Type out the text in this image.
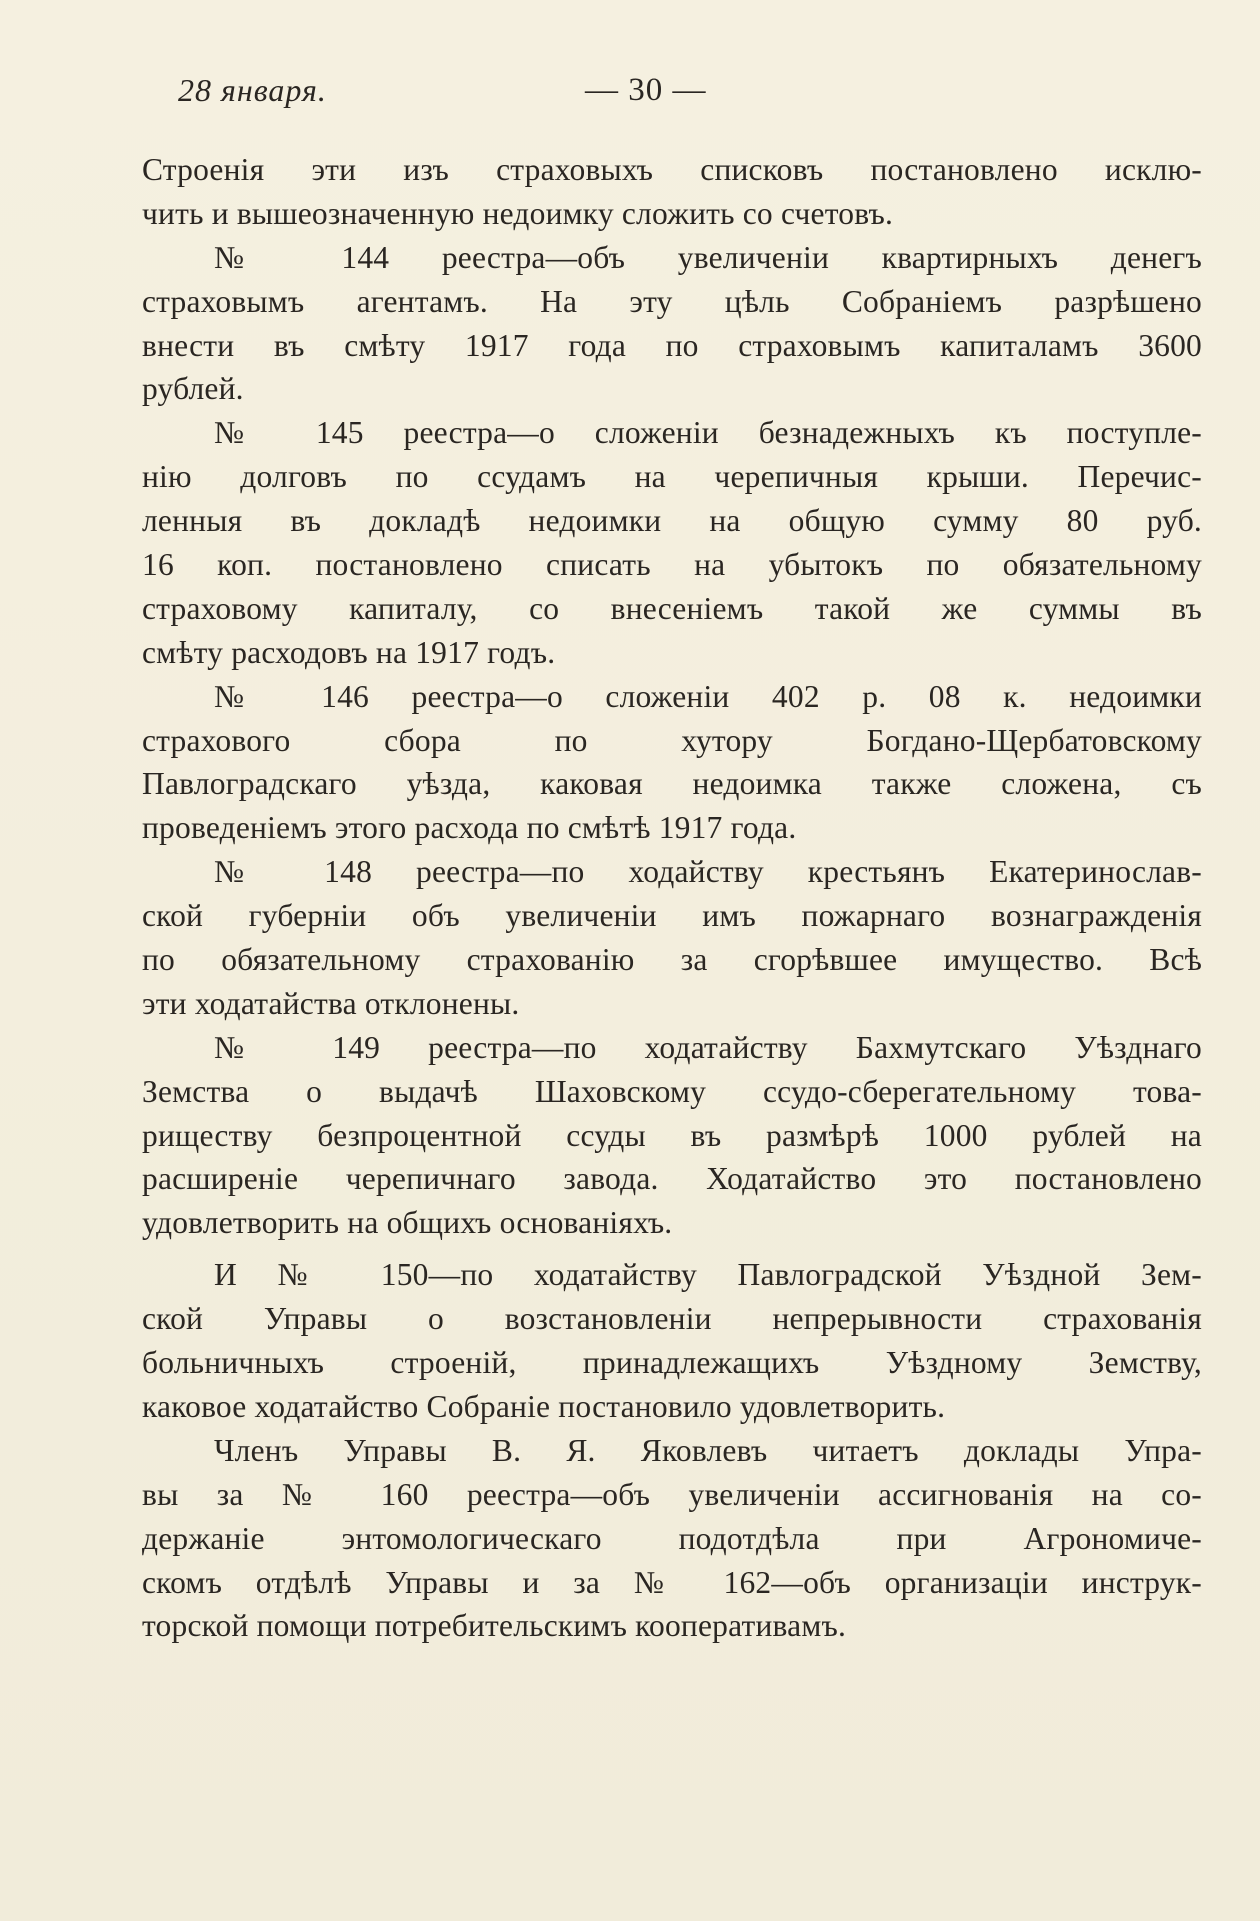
28 января.	— 30 —
Строенія эти изъ страховыхъ списковъ постановлено исклю-
чить и вышеозначенную недоимку сложить со счетовъ.
№ 144 реестра—объ увеличеніи квартирныхъ денегъ
страховымъ агентамъ. На эту цѣль Собраніемъ разрѣшено
внести въ смѣту 1917 года по страховымъ капиталамъ 3600
рублей.
№ 145 реестра—о сложеніи безнадежныхъ къ поступле-
нію долговъ по ссудамъ на черепичныя крыши. Перечис-
ленныя въ докладѣ недоимки на общую сумму 80 руб.
16 коп. постановлено списать на убытокъ по обязательному
страховому капиталу, со внесеніемъ такой же суммы въ
смѣту расходовъ на 1917 годъ.
№ 146 реестра—о сложеніи 402 р. 08 к. недоимки
страхового сбора по хутору Богдано-Щербатовскому
Павлоградскаго уѣзда, каковая недоимка также сложена, съ
проведеніемъ этого расхода по смѣтѣ 1917 года.
№ 148 реестра—по ходайству крестьянъ Екатеринослав-
ской губерніи объ увеличеніи имъ пожарнаго вознагражденія
по обязательному страхованію за сгорѣвшее имущество. Всѣ
эти ходатайства отклонены.
№ 149 реестра—по ходатайству Бахмутскаго Уѣзднаго
Земства о выдачѣ Шаховскому ссудо-сберегательному това-
риществу безпроцентной ссуды въ размѣрѣ 1000 рублей на
расширеніе черепичнаго завода. Ходатайство это постановлено
удовлетворить на общихъ основаніяхъ.
И № 150—по ходатайству Павлоградской Уѣздной Зем-
ской Управы о возстановленіи непрерывности страхованія
больничныхъ строеній, принадлежащихъ Уѣздному Земству,
каковое ходатайство Собраніе постановило удовлетворить.
Членъ Управы В. Я. Яковлевъ читаетъ доклады Упра-
вы за № 160 реестра—объ увеличеніи ассигнованія на со-
держаніе энтомологическаго подотдѣла при Агрономиче-
скомъ отдѣлѣ Управы и за № 162—объ организаціи инструк-
торской помощи потребительскимъ кооперативамъ.
